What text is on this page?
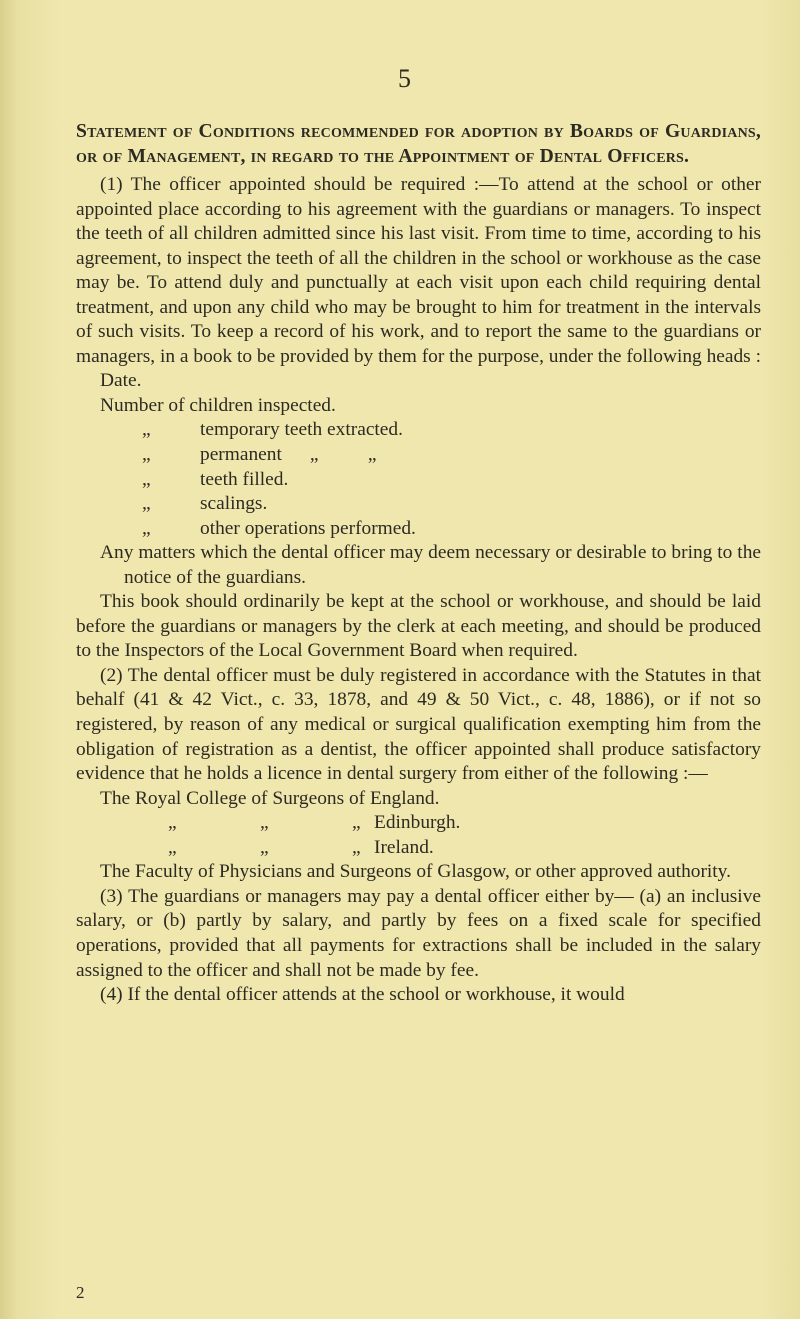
5
Statement of Conditions recommended for adoption by Boards of Guardians, or of Management, in regard to the Appointment of Dental Officers.
(1) The officer appointed should be required :—To attend at the school or other appointed place according to his agreement with the guardians or managers. To inspect the teeth of all children admitted since his last visit. From time to time, according to his agreement, to inspect the teeth of all the children in the school or workhouse as the case may be. To attend duly and punctually at each visit upon each child requiring dental treatment, and upon any child who may be brought to him for treatment in the intervals of such visits. To keep a record of his work, and to report the same to the guardians or managers, in a book to be provided by them for the purpose, under the following heads :
Date.
Number of children inspected.
„	temporary teeth extracted.
„	permanent „	„
„	teeth filled.
„	scalings.
„	other operations performed.
Any matters which the dental officer may deem necessary or desirable to bring to the notice of the guardians.
This book should ordinarily be kept at the school or workhouse, and should be laid before the guardians or managers by the clerk at each meeting, and should be produced to the Inspectors of the Local Government Board when required.
(2) The dental officer must be duly registered in accordance with the Statutes in that behalf (41 & 42 Vict., c. 33, 1878, and 49 & 50 Vict., c. 48, 1886), or if not so registered, by reason of any medical or surgical qualification exempting him from the obligation of registration as a dentist, the officer appointed shall produce satisfactory evidence that he holds a licence in dental surgery from either of the following :—
The Royal College of Surgeons of England.
„	„	„ Edinburgh.
„	„	„ Ireland.
The Faculty of Physicians and Surgeons of Glasgow, or other approved authority.
(3) The guardians or managers may pay a dental officer either by— (a) an inclusive salary, or (b) partly by salary, and partly by fees on a fixed scale for specified operations, provided that all payments for extractions shall be included in the salary assigned to the officer and shall not be made by fee.
(4) If the dental officer attends at the school or workhouse, it would
2
